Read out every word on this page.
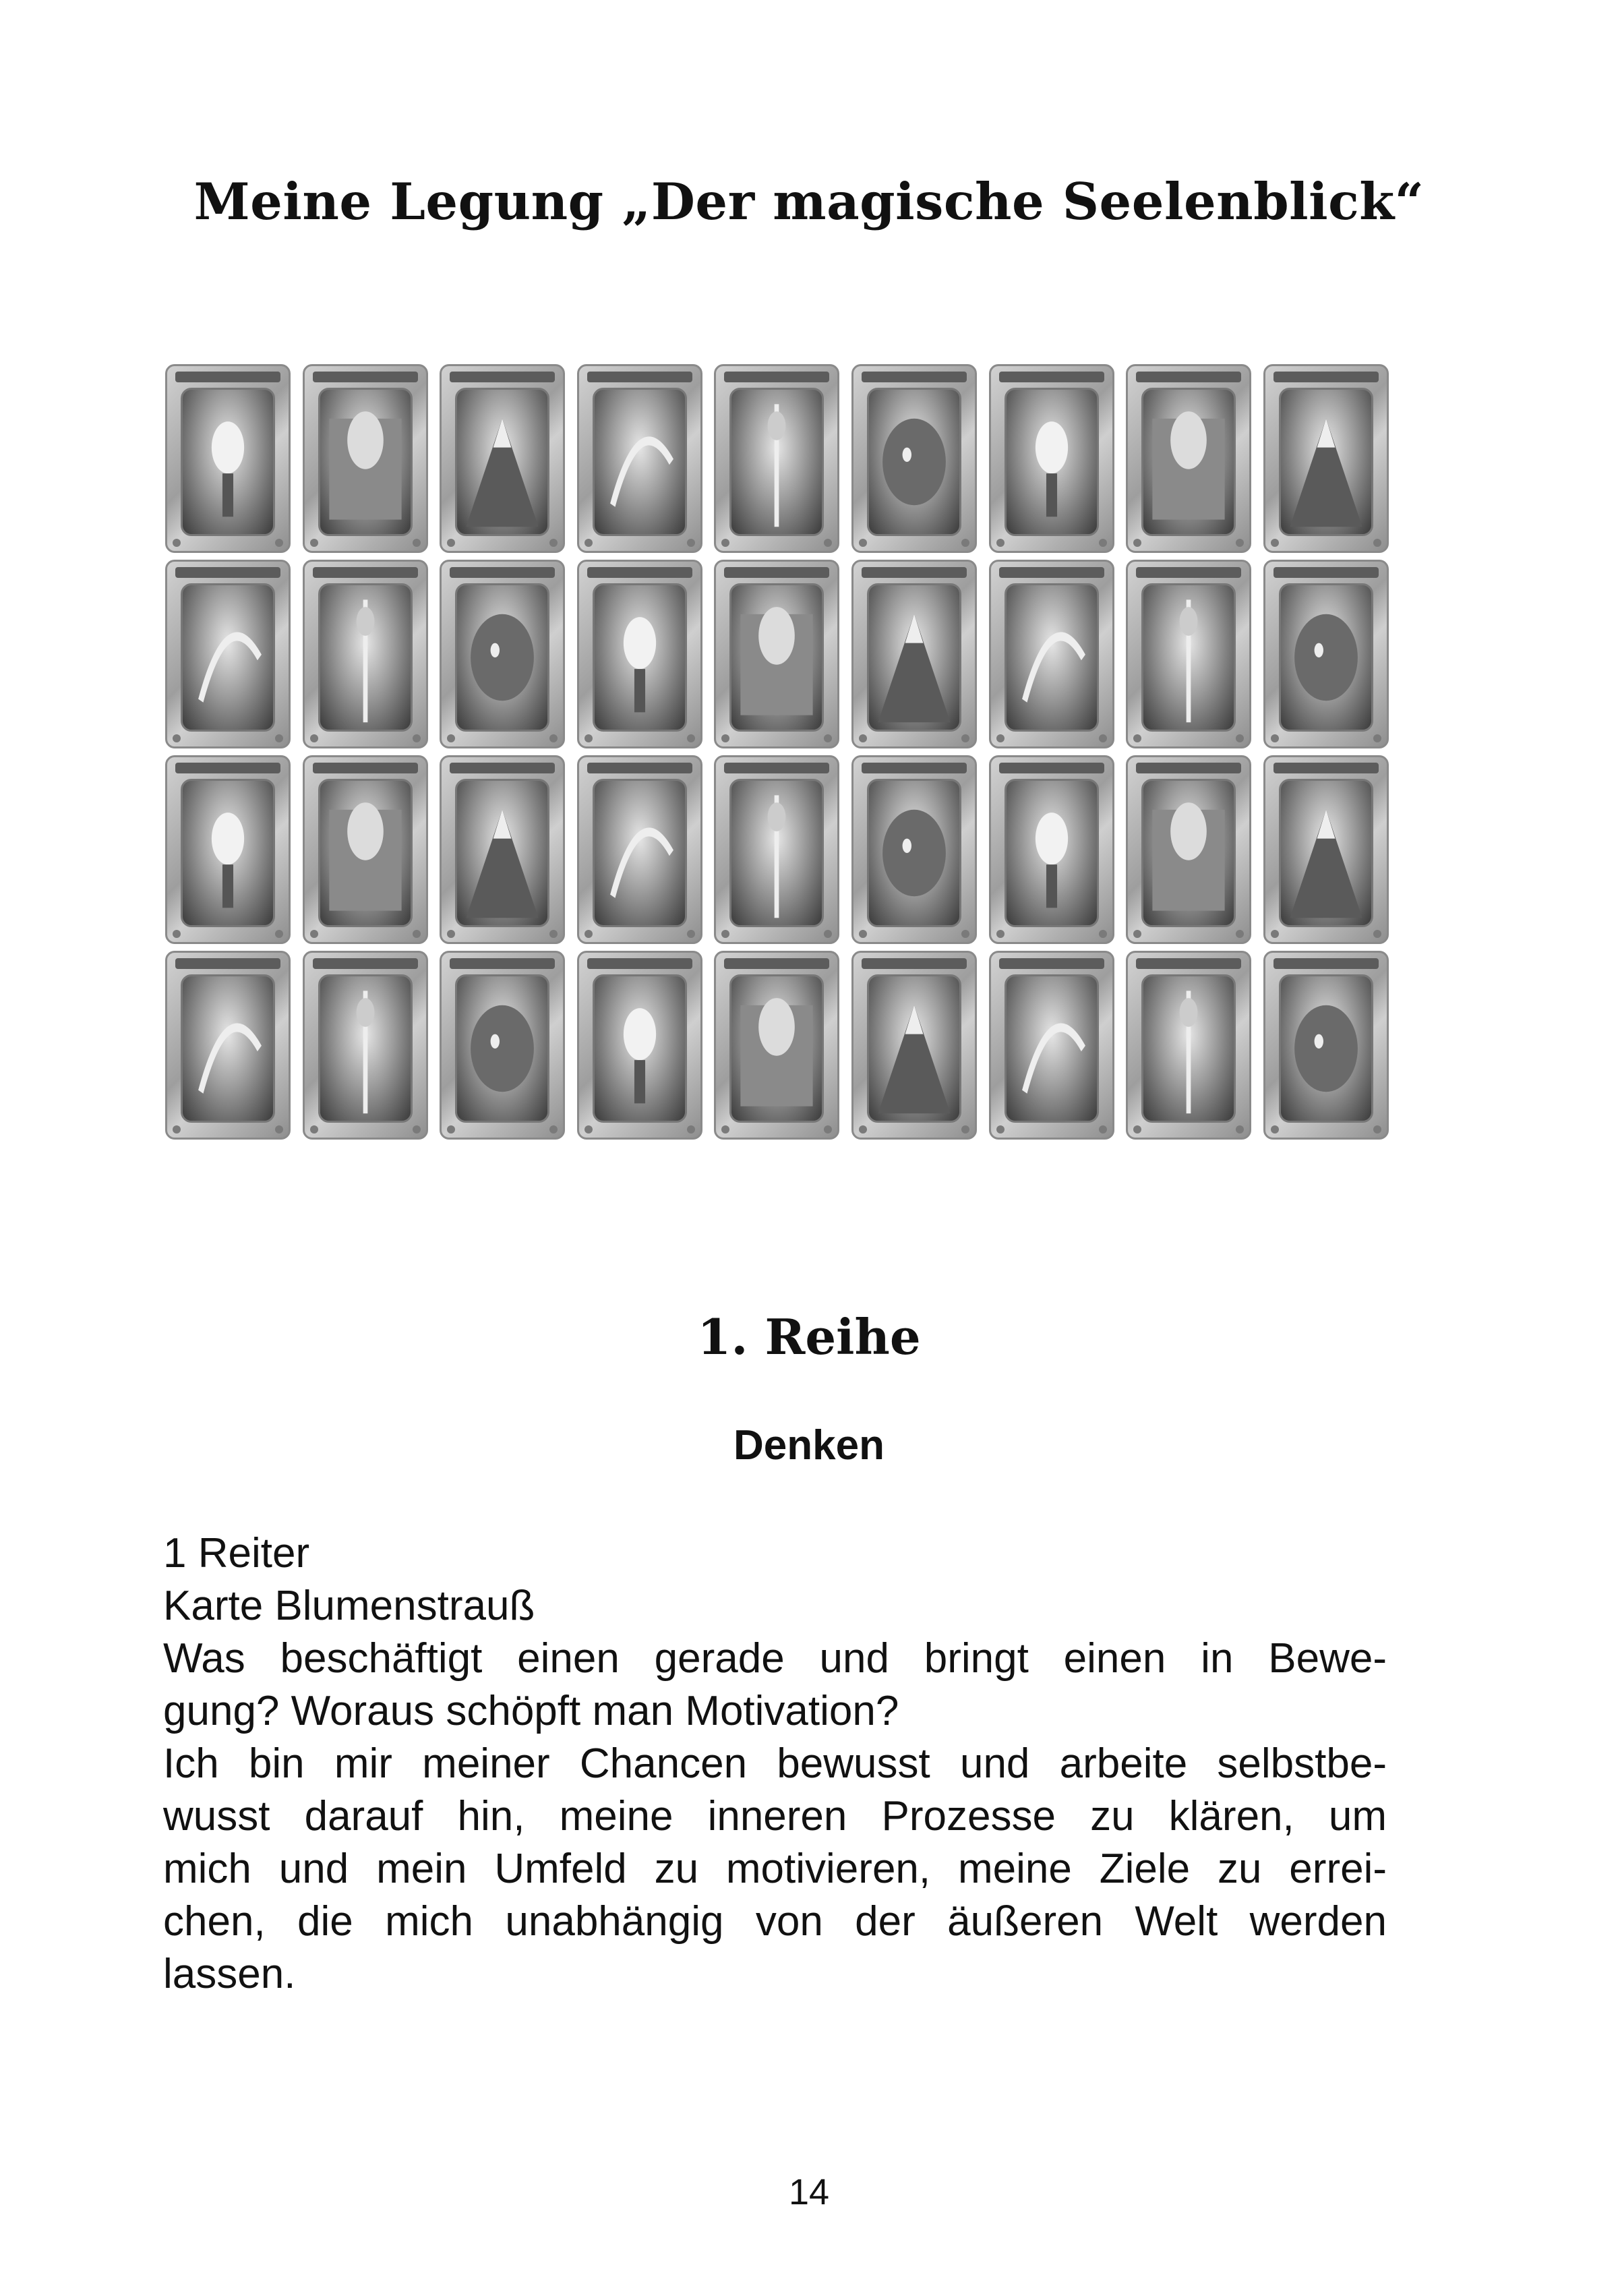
Meine Legung „Der magische Seelenblick“
1. Reihe
Denken
1 Reiter
Karte Blumenstrauß
Was beschäftigt einen gerade und bringt einen in Bewe-
gung? Woraus schöpft man Motivation?
Ich bin mir meiner Chancen bewusst und arbeite selbstbe-
wusst darauf hin, meine inneren Prozesse zu klären, um
mich und mein Umfeld zu motivieren, meine Ziele zu errei-
chen, die mich unabhängig von der äußeren Welt werden
lassen.
14
